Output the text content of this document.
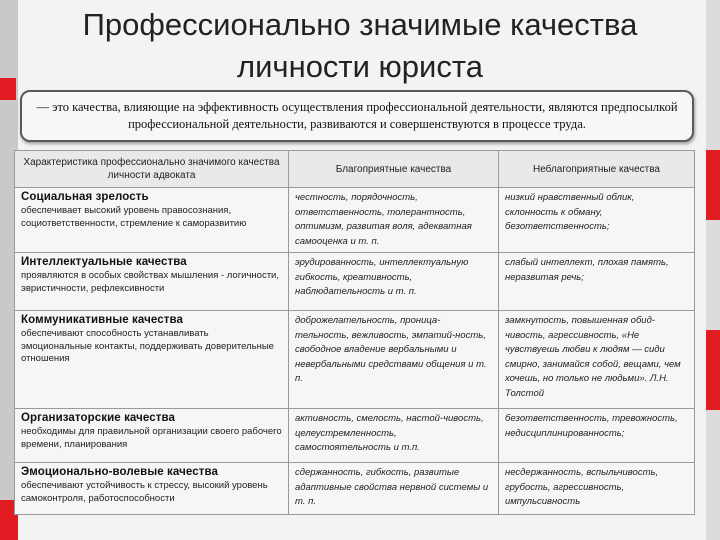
Профессионально значимые качества личности юриста
— это качества, влияющие на эффективность осуществления профессиональной деятельности, являются предпосылкой профессиональной деятельности, развиваются и совершенствуются в процессе труда.
Характеристика профессионально значимого качества личности адвоката	Благоприятные качества	Неблагоприятные качества

Социальная зрелость
обеспечивает высокий уровень правосознания, социответственности, стремление к саморазвитию	честность, порядочность, ответственность, толерантность, оптимизм, развитая воля, адекватная самооценка и т. п.	низкий нравственный облик, склонность к обману, безответственность;

Интеллектуальные качества
проявляются в особых свойствах мышления - логичности, эвристичности, рефлексивности	эрудированность, интеллектуальную гибкость, креативность, наблюдательность и т. п.	слабый интеллект, плохая память, неразвитая речь;

Коммуникативные качества
обеспечивают способность устанавливать эмоциональные контакты, поддерживать доверительные отношения	доброжелательность, проница-тельность, вежливость, эмпатий-ность, свободное владение вербальными и невербальными средствами общения и т. п.	замкнутость, повышенная обид-чивость, агрессивность, «Не чувствуешь любви к людям — сиди смирно, занимайся собой, вещами, чем хочешь, но только не людьми». Л.Н. Толстой

Организаторские качества
необходимы для правильной организации своего рабочего времени, планирования	активность, смелость, настой-чивость, целеустремленность, самостоятельность и т.п.	безответственность, тревожность, недисциплинированность;

Эмоционально-волевые качества
обеспечивают устойчивость к стрессу, высокий уровень самоконтроля, работоспособности	сдержанность, гибкость, развитые адаптивные свойства нервной системы и т. п.	несдержанность, вспыльчивость, грубость, агрессивность, импульсивность
